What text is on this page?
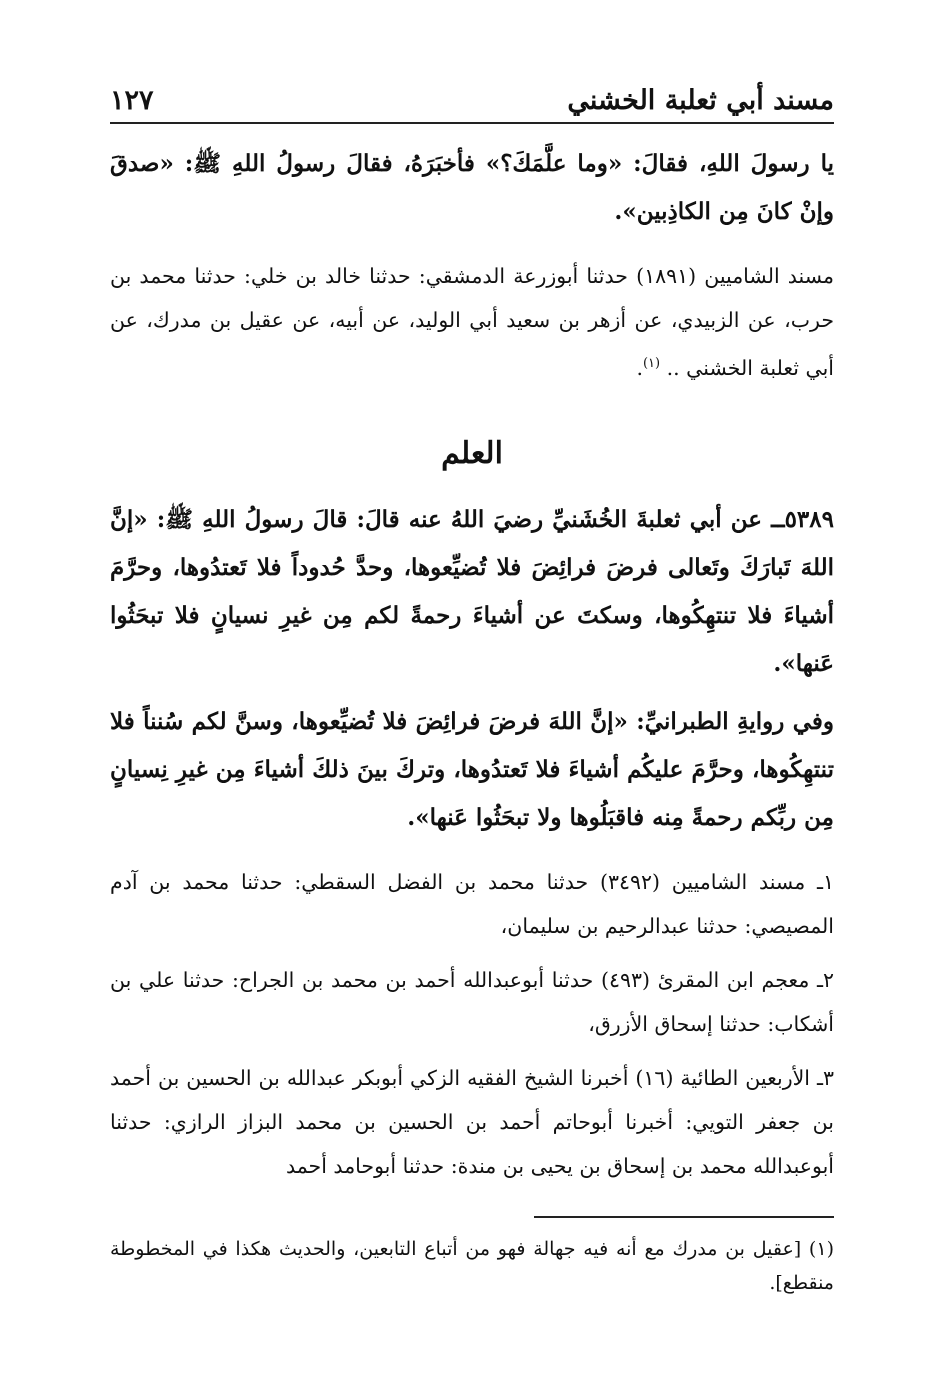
مسند أبي ثعلبة الخشني
١٢٧

يا رسولَ اللهِ، فقالَ: «وما علَّمَكَ؟» فأخبَرَهُ، فقالَ رسولُ اللهِ ﷺ: «صدقَ وإنْ كانَ مِن الكاذِبين».

مسند الشاميين (١٨٩١) حدثنا أبوزرعة الدمشقي: حدثنا خالد بن خلي: حدثنا محمد بن حرب، عن الزبيدي، عن أزهر بن سعيد أبي الوليد، عن أبيه، عن عقيل بن مدرك، عن أبي ثعلبة الخشني .. $^{(١)}$.

العلم

٥٣٨٩ــ عن أبي ثعلبةَ الخُشَنيِّ رضيَ اللهُ عنه قالَ: قالَ رسولُ اللهِ ﷺ: «إنَّ اللهَ تَبارَكَ وتَعالى فرضَ فرائِضَ فلا تُضيِّعوها، وحدَّ حُدوداً فلا تَعتدُوها، وحرَّمَ أشياءَ فلا تنتهِكُوها، وسكتَ عن أشياءَ رحمةً لكم مِن غيرِ نسيانٍ فلا تبحَثُوا عَنها».

وفي روايةِ الطبرانيِّ: «إنَّ اللهَ فرضَ فرائِضَ فلا تُضيِّعوها، وسنَّ لكم سُنناً فلا تنتهِكُوها، وحرَّمَ عليكُم أشياءَ فلا تَعتدُوها، وتركَ بينَ ذلكَ أشياءَ مِن غيرِ نِسيانٍ مِن ربِّكم رحمةً مِنه فاقبَلُوها ولا تبحَثُوا عَنها».

١ـ مسند الشاميين (٣٤٩٢) حدثنا محمد بن الفضل السقطي: حدثنا محمد بن آدم المصيصي: حدثنا عبدالرحيم بن سليمان،

٢ـ معجم ابن المقرئ (٤٩٣) حدثنا أبوعبدالله أحمد بن محمد بن الجراح: حدثنا علي بن أشكاب: حدثنا إسحاق الأزرق،

٣ـ الأربعين الطائية (١٦) أخبرنا الشيخ الفقيه الزكي أبوبكر عبدالله بن الحسين بن أحمد بن جعفر التويي: أخبرنا أبوحاتم أحمد بن الحسين بن محمد البزاز الرازي: حدثنا أبوعبدالله محمد بن إسحاق بن يحيى بن مندة: حدثنا أبوحامد أحمد

(١) [عقيل بن مدرك مع أنه فيه جهالة فهو من أتباع التابعين، والحديث هكذا في المخطوطة منقطع].
